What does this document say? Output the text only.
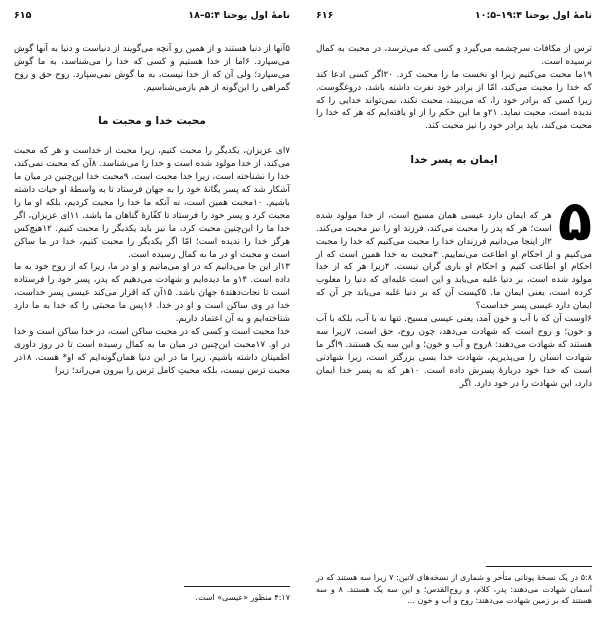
نامهٔ اول یوحنا ۴:‏۱۹–۵:‏۱۰
۶۱۶

ترس از مکافات سرچشمه می‌گیرد و کسی که می‌ترسد، در محبت به کمال نرسیده است.
۱۹ما محبت می‌کنیم زیرا او نخست ما را محبت کرد. ۲۰اگر کسی ادعا کند که خدا را محبت می‌کند، امّا از برادر خود نفرت داشته باشد، دروغگوست. زیرا کسی که برادر خود را، که می‌بیند، محبت نکند، نمی‌تواند خدایی را که ندیده است، محبت نماید. ۲۱و ما این حکم را از او یافته‌ایم که هر که خدا را محبت می‌کند، باید برادر خود را نیز محبت کند.

ایمان به پسر خدا

۵

هر که ایمان دارد عیسی همان مسیح است، از خدا مولود شده است؛ هر که پدر را محبت می‌کند، فرزند او را نیز محبت می‌کند. ۲از اینجا می‌دانیم فرزندان خدا را محبت می‌کنیم که خدا را محبت می‌کنیم و از احکام او اطاعت می‌نماییم. ۳محبت به خدا همین است که از احکام او اطاعت کنیم و احکام او باری گران نیست. ۴زیرا هر که از خدا مولود شده است، بر دنیا غلبه می‌یابد و این است غلبه‌ای که دنیا را مغلوب کرده است، یعنی ایمان ما. ۵کیست آن که بر دنیا غلبه می‌یابد جز آن که ایمان دارد عیسی پسر خداست؟
۶اوست آن که با آب و خون آمد، یعنی عیسی مسیح. تنها نه با آب، بلکه با آب و خون؛ و روح است که شهادت می‌دهد، چون روح، حق است. ۷زیرا سه هستند که شهادت می‌دهند: ۸روح و آب و خون؛ و این سه یک هستند. ۹اگر ما شهادت انسان را می‌پذیریم، شهادت خدا بسی بزرگتر است، زیرا شهادتی است که خدا خود دربارهٔ پسرش داده است. ۱۰هر که به پسر خدا ایمان دارد، این شهادت را در خود دارد. اگر

۵:۸ در یک نسخهٔ یونانی متأخر و شماری از نسخه‌های لاتین: ۷ زیرا سه هستند که در آسمان شهادت می‌دهند: پدر، کلام، و روح‌القدس؛ و این سه یک هستند. ۸ و سه هستند که بر زمین شهادت می‌دهند: روح و آب و خون ...
نامهٔ اول یوحنا ۴:‏۵–۱۸
۶۱۵

۵آنها از دنیا هستند و از همین رو آنچه می‌گویند از دنیاست و دنیا به آنها گوش می‌سپارد. ۶اما از خدا هستیم و کسی که خدا را می‌شناسد، به ما گوش می‌سپارد؛ ولی آن که از خدا نیست، به ما گوش نمی‌سپارد. روح حق و روح گمراهی را این‌گونه از هم بازمی‌شناسیم.

محبت خدا و محبت ما

۷ای عزیزان، یکدیگر را محبت کنیم، زیرا محبت از خداست و هر که محبت می‌کند، از خدا مولود شده است و خدا را می‌شناسد. ۸آن که محبت نمی‌کند، خدا را نشناخته است، زیرا خدا محبت است. ۹محبت خدا این‌چنین در میان ما آشکار شد که پسر یگانهٔ خود را به جهان فرستاد تا به واسطهٔ او حیات داشته باشیم. ۱۰محبت همین است، نه آنکه ما خدا را محبت کردیم، بلکه او ما را محبت کرد و پسر خود را فرستاد تا کفّارهٔ گناهان ما باشد. ۱۱ای عزیزان، اگر خدا ما را این‌چنین محبت کرد، ما نیز باید یکدیگر را محبت کنیم. ۱۲هیچ‌کس هرگز خدا را ندیده است؛ امّا اگر یکدیگر را محبت کنیم، خدا در ما ساکن است و محبت او در ما به کمال رسیده است.
۱۳از این جا می‌دانیم که در او می‌مانیم و او در ما، زیرا که از روح خود به ما داده است. ۱۴و ما دیده‌ایم و شهادت می‌دهیم که پدر، پسر خود را فرستاده است تا نجات‌دهندهٔ جهان باشد. ۱۵آن که اقرار می‌کند عیسی پسر خداست، خدا در وی ساکن است و او در خدا. ۱۶پس ما محبتی را که خدا به ما دارد شناخته‌ایم و به آن اعتماد داریم.
خدا محبت است و کسی که در محبت ساکن است، در خدا ساکن است و خدا در او. ۱۷محبت این‌چنین در میان ما به کمال رسیده است تا در روز داوری اطمینان داشته باشیم، زیرا ما در این دنیا همان‌گونه‌ایم که او* هست. ۱۸در محبت ترس نیست، بلکه محبتِ کامل ترس را بیرون می‌راند؛ زیرا

۴:۱۷ منظور «عیسی» است.
